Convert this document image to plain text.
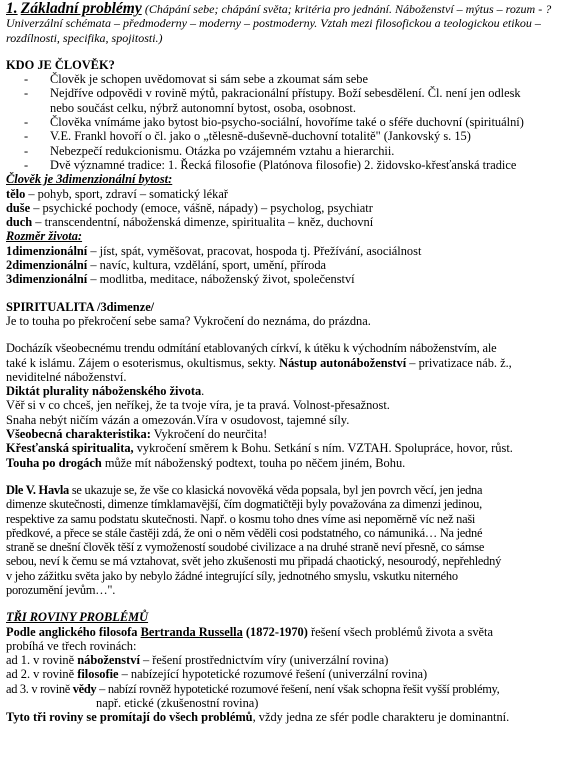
1. Základní problémy (Chápání sebe; chápání světa; kritéria pro jednání. Náboženství – mýtus – rozum - ?

Univerzální schémata – předmoderny – moderny – postmoderny. Vztah mezi filosofickou a teologickou etikou –

rozdílnosti, specifika, spojitosti.)

KDO JE ČLOVĚK?

- Člověk je schopen uvědomovat si sám sebe a zkoumat sám sebe
- Nejdříve odpovědi v rovině mýtů, pakracionální přístupy. Boží sebesdělení. Čl. není jen odlesk
nebo součást celku, nýbrž autonomní bytost, osoba, osobnost.
- Člověka vnímáme jako bytost bio-psycho-sociální, hovoříme také o sféře duchovní (spirituální)
- V.E. Frankl hovoří o čl. jako o „tělesně-duševně-duchovní totalitě" (Jankovský s. 15)
- Nebezpečí redukcionismu. Otázka po vzájemném vztahu a hierarchii.
- Dvě významné tradice: 1. Řecká filosofie (Platónova filosofie) 2. židovsko-křesťanská tradice

Člověk je 3dimenzionální bytost:

tělo – pohyb, sport, zdraví – somatický lékař

duše – psychické pochody (emoce, vášně, nápady) – psycholog, psychiatr

duch – transcendentní, náboženská dimenze, spiritualita – kněz, duchovní

Rozměr života:

1dimenzionální – jíst, spát, vyměšovat, pracovat, hospoda tj. Přežívání, asociálnost

2dimenzionální – navíc, kultura, vzdělání, sport, umění, příroda

3dimenzionální – modlitba, meditace, náboženský život, společenství

SPIRITUALITA /3dimenze/

Je to touha po překročení sebe sama? Vykročení do neznáma, do prázdna.

Docházík všeobecnému trendu odmítání etablovaných církví, k útěku k východním náboženstvím, ale

také k islámu. Zájem o esoterismus, okultismus, sekty. Nástup autonáboženství – privatizace náb. ž.,

neviditelné náboženství.

Diktát plurality náboženského života.

Věř si v co chceš, jen neříkej, že ta tvoje víra, je ta pravá. Volnost-přesažnost.

Snaha nebýt ničím vázán a omezován.Víra v osudovost, tajemné síly.

Všeobecná charakteristika: Vykročení do neurčita!

Křesťanská spiritualita, vykročení směrem k Bohu. Setkání s ním. VZTAH. Spolupráce, hovor, růst.

Touha po drogách může mít náboženský podtext, touha po něčem jiném, Bohu.

Dle V. Havla se ukazuje se, že vše co klasická novověká věda popsala, byl jen povrch věcí, jen jedna

dimenze skutečnosti, dimenze tímklamavější, čím dogmatičtěji byly považována za dimenzi jedinou,

respektive za samu podstatu skutečnosti. Např. o kosmu toho dnes víme asi nepoměrně víc než naši

předkové, a přece se stále častěji zdá, že oni o něm věděli cosi podstatného, co námuniká… Na jedné

straně se dnešní člověk těší z vymožeností soudobé civilizace a na druhé straně neví přesně, co sámse

sebou, neví k čemu se má vztahovat, svět jeho zkušenosti mu připadá chaotický, nesourodý, nepřehledný

v jeho zážitku světa jako by nebylo žádné integrující síly, jednotného smyslu, vskutku niterného

porozumění jevům…".

TŘI ROVINY PROBLÉMŮ

Podle anglického filosofa Bertranda Russella (1872-1970) řešení všech problémů života a světa

probíhá ve třech rovinách:

ad 1. v rovině náboženství – řešení prostřednictvím víry (univerzální rovina)

ad 2. v rovině filosofie – nabízející hypotetické rozumové řešení (univerzální rovina)

ad 3. v rovině vědy – nabízí rovněž hypotetické rozumové řešení, není však schopna řešit vyšší problémy,

např. etické (zkušenostní rovina)

Tyto tři roviny se promítají do všech problémů, vždy jedna ze sfér podle charakteru je dominantní.
